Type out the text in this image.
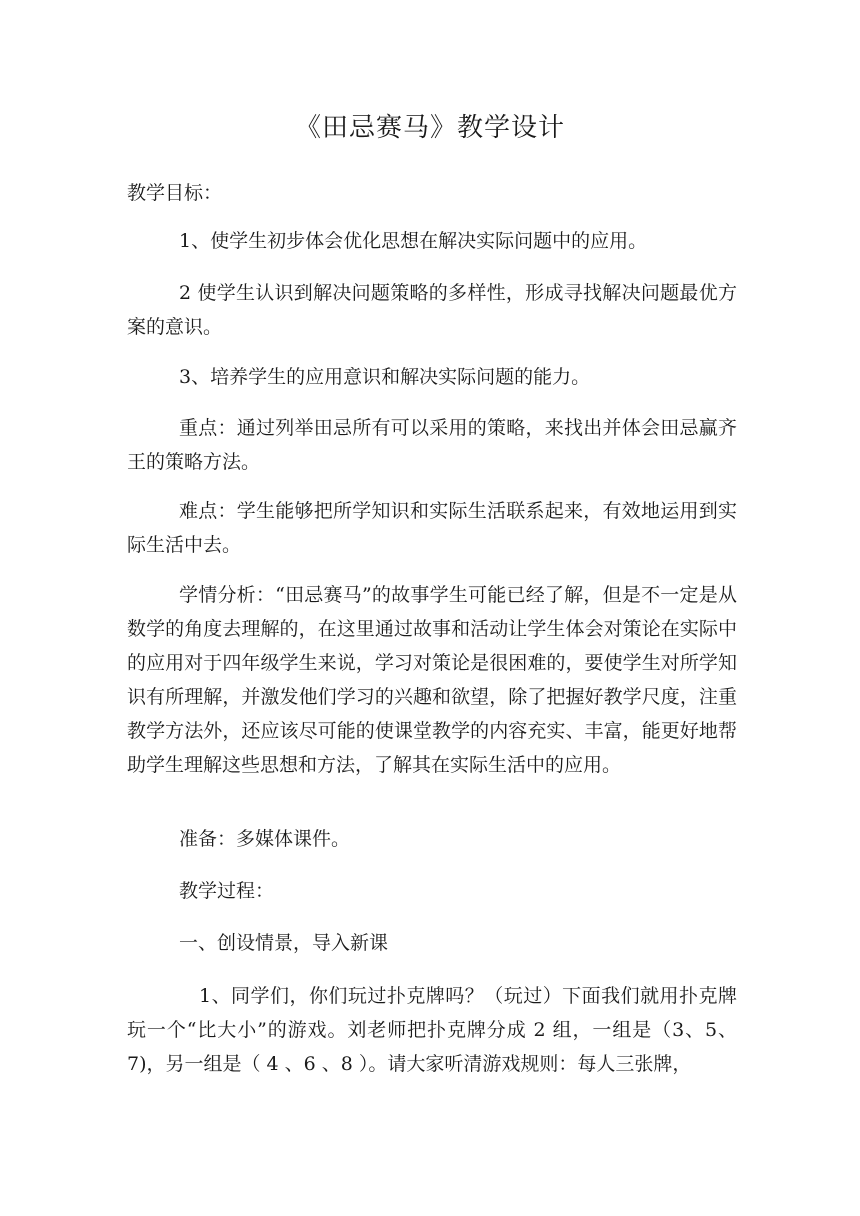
《田忌赛马》教学设计

教学目标：

1、使学生初步体会优化思想在解决实际问题中的应用。

2 使学生认识到解决问题策略的多样性，形成寻找解决问题最优方案的意识。

3、培养学生的应用意识和解决实际问题的能力。

重点：通过列举田忌所有可以采用的策略，来找出并体会田忌赢齐王的策略方法。

难点：学生能够把所学知识和实际生活联系起来，有效地运用到实际生活中去。

学情分析：“田忌赛马”的故事学生可能已经了解，但是不一定是从数学的角度去理解的，在这里通过故事和活动让学生体会对策论在实际中的应用对于四年级学生来说，学习对策论是很困难的，要使学生对所学知识有所理解，并激发他们学习的兴趣和欲望，除了把握好教学尺度，注重教学方法外，还应该尽可能的使课堂教学的内容充实、丰富，能更好地帮助学生理解这些思想和方法，了解其在实际生活中的应用。

准备：多媒体课件。

教学过程：

一、创设情景，导入新课

1、同学们，你们玩过扑克牌吗？（玩过）下面我们就用扑克牌玩一个“比大小”的游戏。刘老师把扑克牌分成 2 组，一组是（3、5、7)，另一组是（ 4 、6 、8 ）。请大家听清游戏规则：每人三张牌，
